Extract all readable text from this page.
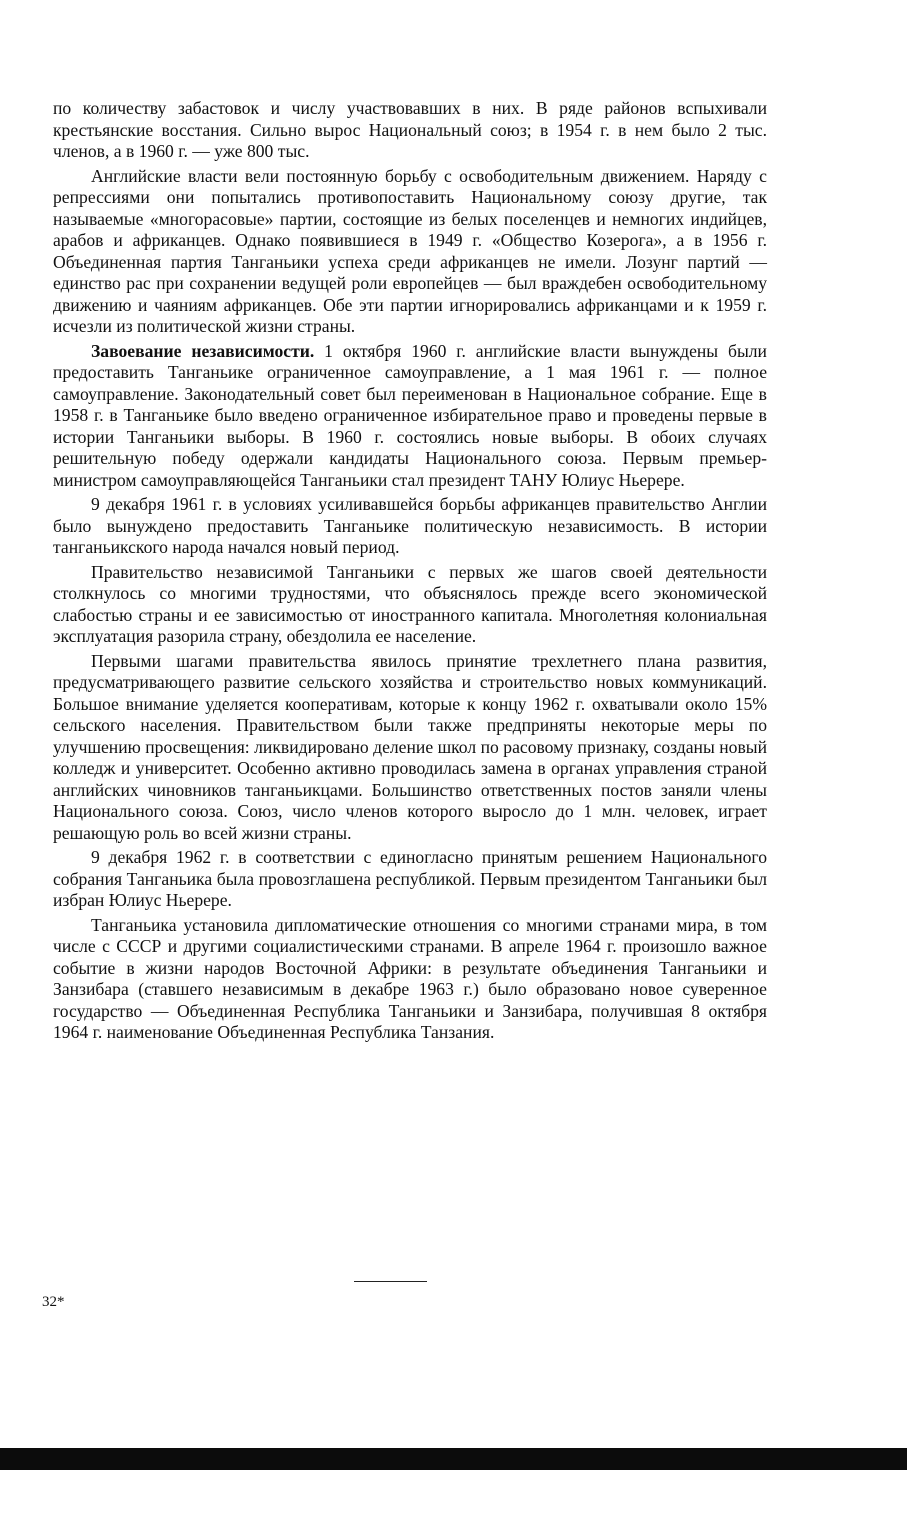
по количеству забастовок и числу участвовавших в них. В ряде районов вспыхивали крестьянские восстания. Сильно вырос Национальный союз; в 1954 г. в нем было 2 тыс. членов, а в 1960 г. — уже 800 тыс.

Английские власти вели постоянную борьбу с освободительным движением. Наряду с репрессиями они попытались противопоставить Национальному союзу другие, так называемые «многорасовые» партии, состоящие из белых поселенцев и немногих индийцев, арабов и африканцев. Однако появившиеся в 1949 г. «Общество Козерога», а в 1956 г. Объединенная партия Танганьики успеха среди африканцев не имели. Лозунг партий — единство рас при сохранении ведущей роли европейцев — был враждебен освободительному движению и чаяниям африканцев. Обе эти партии игнорировались африканцами и к 1959 г. исчезли из политической жизни страны.

Завоевание независимости. 1 октября 1960 г. английские власти вынуждены были предоставить Танганьике ограниченное самоуправление, а 1 мая 1961 г. — полное самоуправление. Законодательный совет был переименован в Национальное собрание. Еще в 1958 г. в Танганьике было введено ограниченное избирательное право и проведены первые в истории Танганьики выборы. В 1960 г. состоялись новые выборы. В обоих случаях решительную победу одержали кандидаты Национального союза. Первым премьер-министром самоуправляющейся Танганьики стал президент ТАНУ Юлиус Ньерере.

9 декабря 1961 г. в условиях усиливавшейся борьбы африканцев правительство Англии было вынуждено предоставить Танганьике политическую независимость. В истории танганьикского народа начался новый период.

Правительство независимой Танганьики с первых же шагов своей деятельности столкнулось со многими трудностями, что объяснялось прежде всего экономической слабостью страны и ее зависимостью от иностранного капитала. Многолетняя колониальная эксплуатация разорила страну, обездолила ее население.

Первыми шагами правительства явилось принятие трехлетнего плана развития, предусматривающего развитие сельского хозяйства и строительство новых коммуникаций. Большое внимание уделяется кооперативам, которые к концу 1962 г. охватывали около 15% сельского населения. Правительством были также предприняты некоторые меры по улучшению просвещения: ликвидировано деление школ по расовому признаку, созданы новый колледж и университет. Особенно активно проводилась замена в органах управления страной английских чиновников танганьикцами. Большинство ответственных постов заняли члены Национального союза. Союз, число членов которого выросло до 1 млн. человек, играет решающую роль во всей жизни страны.

9 декабря 1962 г. в соответствии с единогласно принятым решением Национального собрания Танганьика была провозглашена республикой. Первым президентом Танганьики был избран Юлиус Ньерере.

Танганьика установила дипломатические отношения со многими странами мира, в том числе с СССР и другими социалистическими странами. В апреле 1964 г. произошло важное событие в жизни народов Восточной Африки: в результате объединения Танганьики и Занзибара (ставшего независимым в декабре 1963 г.) было образовано новое суверенное государство — Объединенная Республика Танганьики и Занзибара, получившая 8 октября 1964 г. наименование Объединенная Республика Танзания.

32*
